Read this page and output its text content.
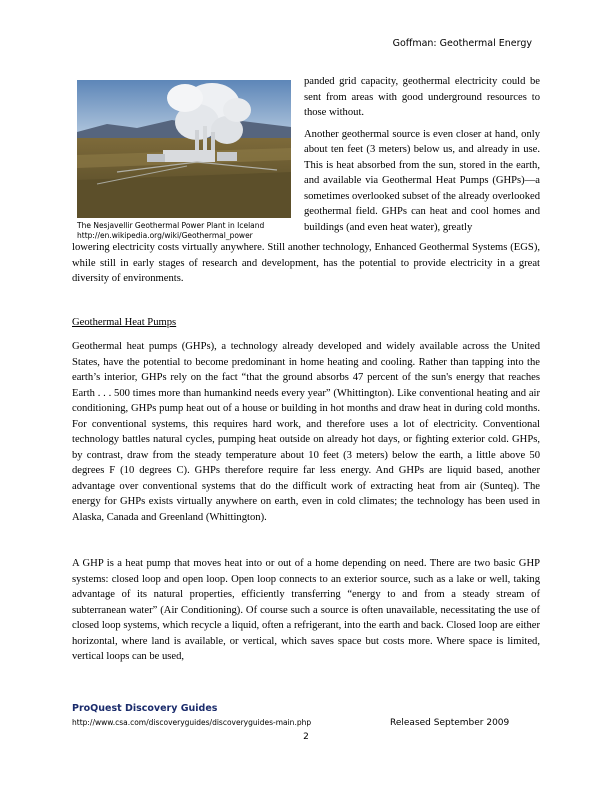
Goffman: Geothermal Energy
The Nesjavellir Geothermal Power Plant in Iceland
http://en.wikipedia.org/wiki/Geothermal_power

panded grid capacity, geothermal electricity could be sent from areas with good underground resources to those without.

Another geothermal source is even closer at hand, only about ten feet (3 meters) below us, and already in use. This is heat absorbed from the sun, stored in the earth, and available via Geothermal Heat Pumps (GHPs)—a sometimes overlooked subset of the already overlooked geothermal field. GHPs can heat and cool homes and buildings (and even heat water), greatly

lowering electricity costs virtually anywhere. Still another technology, Enhanced Geothermal Systems (EGS), while still in early stages of research and development, has the potential to provide electricity in a great diversity of environments.

Geothermal Heat Pumps

Geothermal heat pumps (GHPs), a technology already developed and widely available across the United States, have the potential to become predominant in home heating and cooling. Rather than tapping into the earth’s interior, GHPs rely on the fact “that the ground absorbs 47 percent of the sun's energy that reaches Earth . . . 500 times more than humankind needs every year” (Whittington). Like conventional heating and air conditioning, GHPs pump heat out of a house or building in hot months and draw heat in during cold months. For conventional systems, this requires hard work, and therefore uses a lot of electricity. Conventional technology battles natural cycles, pumping heat outside on already hot days, or fighting exterior cold. GHPs, by contrast, draw from the steady temperature about 10 feet (3 meters) below the earth, a little above 50 degrees F (10 degrees C). GHPs therefore require far less energy. And GHPs are liquid based, another advantage over conventional systems that do the difficult work of extracting heat from air (Sunteq). The energy for GHPs exists virtually anywhere on earth, even in cold climates; the technology has been used in Alaska, Canada and Greenland (Whittington).

A GHP is a heat pump that moves heat into or out of a home depending on need. There are two basic GHP systems: closed loop and open loop. Open loop connects to an exterior source, such as a lake or well, taking advantage of its natural properties, efficiently transferring “energy to and from a steady stream of subterranean water” (Air Conditioning). Of course such a source is often unavailable, necessitating the use of closed loop systems, which recycle a liquid, often a refrigerant, into the earth and back. Closed loop are either horizontal, where land is available, or vertical, which saves space but costs more. Where space is limited, vertical loops can be used,

ProQuest Discovery Guides
http://www.csa.com/discoveryguides/discoveryguides-main.php	Released September 2009
2
